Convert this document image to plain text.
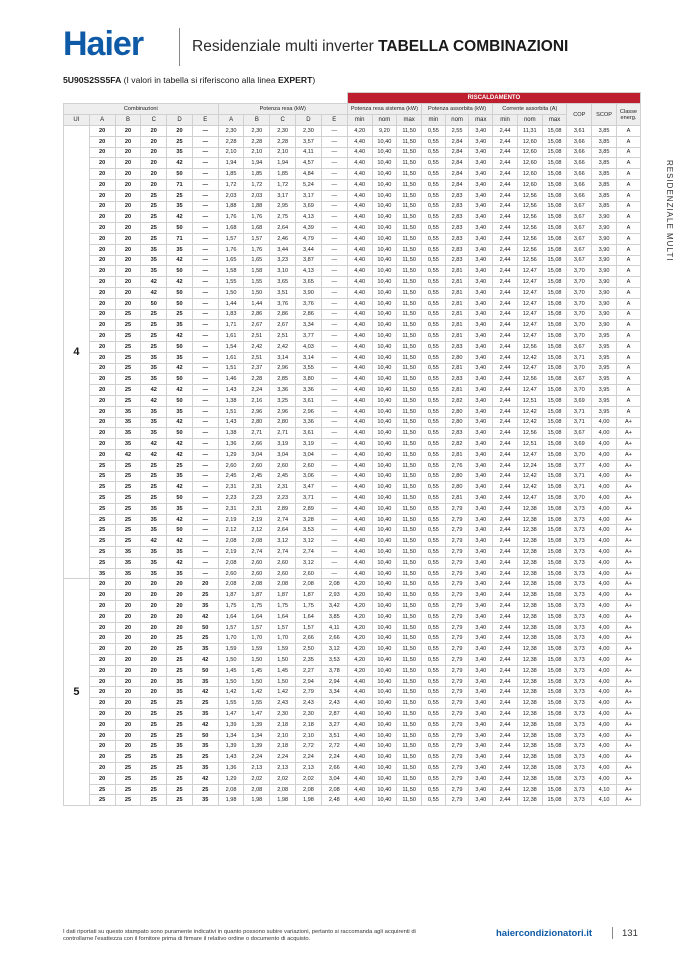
Haier	Residenziale multi inverter TABELLA COMBINAZIONI
5U90S2SS5FA (I valori in tabella si riferiscono alla linea EXPERT)
RESIDENZIALE MULTI
											RISCALDAMENTO											
Combinazioni						Potenza resa (kW)					Potenza resa sistema (kW)			Potenza assorbita (kW)			Corrente assorbita (A)			COP	SCOP	Classe energ.

UI	A	B	C	D	E	A	B	C	D	E	min	nom	max	min	nom	max	min	nom	max			
4	20	20	20	20	—	2,30	2,30	2,30	2,30	—	4,20	9,20	11,50	0,55	2,55	3,40	2,44	11,31	15,08	3,61	3,85	A
	20	20	20	25	—	2,28	2,28	2,28	3,57	—	4,40	10,40	11,50	0,55	2,84	3,40	2,44	12,60	15,08	3,66	3,85	A
	20	20	20	35	—	2,10	2,10	2,10	4,11	—	4,40	10,40	11,50	0,55	2,84	3,40	2,44	12,60	15,08	3,66	3,85	A
	20	20	20	42	—	1,94	1,94	1,94	4,57	—	4,40	10,40	11,50	0,55	2,84	3,40	2,44	12,60	15,08	3,66	3,85	A
	20	20	20	50	—	1,85	1,85	1,85	4,84	—	4,40	10,40	11,50	0,55	2,84	3,40	2,44	12,60	15,08	3,66	3,85	A
	20	20	20	71	—	1,72	1,72	1,72	5,24	—	4,40	10,40	11,50	0,55	2,84	3,40	2,44	12,60	15,08	3,66	3,85	A
	20	20	25	25	—	2,03	2,03	3,17	3,17	—	4,40	10,40	11,50	0,55	2,83	3,40	2,44	12,56	15,08	3,66	3,85	A
	20	20	25	35	—	1,88	1,88	2,95	3,69	—	4,40	10,40	11,50	0,55	2,83	3,40	2,44	12,56	15,08	3,67	3,85	A
	20	20	25	42	—	1,76	1,76	2,75	4,13	—	4,40	10,40	11,50	0,55	2,83	3,40	2,44	12,56	15,08	3,67	3,90	A
	20	20	25	50	—	1,68	1,68	2,64	4,39	—	4,40	10,40	11,50	0,55	2,83	3,40	2,44	12,56	15,08	3,67	3,90	A
	20	20	25	71	—	1,57	1,57	2,46	4,79	—	4,40	10,40	11,50	0,55	2,83	3,40	2,44	12,56	15,08	3,67	3,90	A
	20	20	35	35	—	1,76	1,76	3,44	3,44	—	4,40	10,40	11,50	0,55	2,83	3,40	2,44	12,56	15,08	3,67	3,90	A
	20	20	35	42	—	1,65	1,65	3,23	3,87	—	4,40	10,40	11,50	0,55	2,83	3,40	2,44	12,56	15,08	3,67	3,90	A
	20	20	35	50	—	1,58	1,58	3,10	4,13	—	4,40	10,40	11,50	0,55	2,81	3,40	2,44	12,47	15,08	3,70	3,90	A
	20	20	42	42	—	1,55	1,55	3,65	3,65	—	4,40	10,40	11,50	0,55	2,81	3,40	2,44	12,47	15,08	3,70	3,90	A
	20	20	42	50	—	1,50	1,50	3,51	3,90	—	4,40	10,40	11,50	0,55	2,81	3,40	2,44	12,47	15,08	3,70	3,90	A
	20	20	50	50	—	1,44	1,44	3,76	3,76	—	4,40	10,40	11,50	0,55	2,81	3,40	2,44	12,47	15,08	3,70	3,90	A
	20	25	25	25	—	1,83	2,86	2,86	2,86	—	4,40	10,40	11,50	0,55	2,81	3,40	2,44	12,47	15,08	3,70	3,90	A
	20	25	25	35	—	1,71	2,67	2,67	3,34	—	4,40	10,40	11,50	0,55	2,81	3,40	2,44	12,47	15,08	3,70	3,90	A
	20	25	25	42	—	1,61	2,51	2,51	3,77	—	4,40	10,40	11,50	0,55	2,81	3,40	2,44	12,47	15,08	3,70	3,95	A
	20	25	25	50	—	1,54	2,42	2,42	4,03	—	4,40	10,40	11,50	0,55	2,83	3,40	2,44	12,56	15,08	3,67	3,95	A
	20	25	35	35	—	1,61	2,51	3,14	3,14	—	4,40	10,40	11,50	0,55	2,80	3,40	2,44	12,42	15,08	3,71	3,95	A
	20	25	35	42	—	1,51	2,37	2,96	3,55	—	4,40	10,40	11,50	0,55	2,81	3,40	2,44	12,47	15,08	3,70	3,95	A
	20	25	35	50	—	1,46	2,28	2,85	3,80	—	4,40	10,40	11,50	0,55	2,83	3,40	2,44	12,56	15,08	3,67	3,95	A
	20	25	42	42	—	1,43	2,24	3,36	3,36	—	4,40	10,40	11,50	0,55	2,81	3,40	2,44	12,47	15,08	3,70	3,95	A
	20	25	42	50	—	1,38	2,16	3,25	3,61	—	4,40	10,40	11,50	0,55	2,82	3,40	2,44	12,51	15,08	3,69	3,95	A
	20	35	35	35	—	1,51	2,96	2,96	2,96	—	4,40	10,40	11,50	0,55	2,80	3,40	2,44	12,42	15,08	3,71	3,95	A
	20	35	35	42	—	1,43	2,80	2,80	3,36	—	4,40	10,40	11,50	0,55	2,80	3,40	2,44	12,42	15,08	3,71	4,00	A+
	20	35	35	50	—	1,38	2,71	2,71	3,61	—	4,40	10,40	11,50	0,55	2,83	3,40	2,44	12,56	15,08	3,67	4,00	A+
	20	35	42	42	—	1,36	2,66	3,19	3,19	—	4,40	10,40	11,50	0,55	2,82	3,40	2,44	12,51	15,08	3,69	4,00	A+
	20	42	42	42	—	1,29	3,04	3,04	3,04	—	4,40	10,40	11,50	0,55	2,81	3,40	2,44	12,47	15,08	3,70	4,00	A+
	25	25	25	25	—	2,60	2,60	2,60	2,60	—	4,40	10,40	11,50	0,55	2,76	3,40	2,44	12,24	15,08	3,77	4,00	A+
	25	25	25	35	—	2,45	2,45	2,45	3,06	—	4,40	10,40	11,50	0,55	2,80	3,40	2,44	12,42	15,08	3,71	4,00	A+
	25	25	25	42	—	2,31	2,31	2,31	3,47	—	4,40	10,40	11,50	0,55	2,80	3,40	2,44	12,42	15,08	3,71	4,00	A+
	25	25	25	50	—	2,23	2,23	2,23	3,71	—	4,40	10,40	11,50	0,55	2,81	3,40	2,44	12,47	15,08	3,70	4,00	A+
	25	25	35	35	—	2,31	2,31	2,89	2,89	—	4,40	10,40	11,50	0,55	2,79	3,40	2,44	12,38	15,08	3,73	4,00	A+
	25	25	35	42	—	2,19	2,19	2,74	3,28	—	4,40	10,40	11,50	0,55	2,79	3,40	2,44	12,38	15,08	3,73	4,00	A+
	25	25	35	50	—	2,12	2,12	2,64	3,53	—	4,40	10,40	11,50	0,55	2,79	3,40	2,44	12,38	15,08	3,73	4,00	A+
	25	25	42	42	—	2,08	2,08	3,12	3,12	—	4,40	10,40	11,50	0,55	2,79	3,40	2,44	12,38	15,08	3,73	4,00	A+
	25	35	35	35	—	2,19	2,74	2,74	2,74	—	4,40	10,40	11,50	0,55	2,79	3,40	2,44	12,38	15,08	3,73	4,00	A+
	25	35	35	42	—	2,08	2,60	2,60	3,12	—	4,40	10,40	11,50	0,55	2,79	3,40	2,44	12,38	15,08	3,73	4,00	A+
	35	35	35	35	—	2,60	2,60	2,60	2,60	—	4,40	10,40	11,50	0,55	2,79	3,40	2,44	12,38	15,08	3,73	4,00	A+
5	20	20	20	20	20	2,08	2,08	2,08	2,08	2,08	4,20	10,40	11,50	0,55	2,79	3,40	2,44	12,38	15,08	3,73	4,00	A+
	20	20	20	20	25	1,87	1,87	1,87	1,87	2,93	4,20	10,40	11,50	0,55	2,79	3,40	2,44	12,38	15,08	3,73	4,00	A+
	20	20	20	20	35	1,75	1,75	1,75	1,75	3,42	4,20	10,40	11,50	0,55	2,79	3,40	2,44	12,38	15,08	3,73	4,00	A+
	20	20	20	20	42	1,64	1,64	1,64	1,64	3,85	4,20	10,40	11,50	0,55	2,79	3,40	2,44	12,38	15,08	3,73	4,00	A+
	20	20	20	20	50	1,57	1,57	1,57	1,57	4,11	4,20	10,40	11,50	0,55	2,79	3,40	2,44	12,38	15,08	3,73	4,00	A+
	20	20	20	25	25	1,70	1,70	1,70	2,66	2,66	4,20	10,40	11,50	0,55	2,79	3,40	2,44	12,38	15,08	3,73	4,00	A+
	20	20	20	25	35	1,59	1,59	1,59	2,50	3,12	4,20	10,40	11,50	0,55	2,79	3,40	2,44	12,38	15,08	3,73	4,00	A+
	20	20	20	25	42	1,50	1,50	1,50	2,35	3,53	4,20	10,40	11,50	0,55	2,79	3,40	2,44	12,38	15,08	3,73	4,00	A+
	20	20	20	25	50	1,45	1,45	1,45	2,27	3,78	4,20	10,40	11,50	0,55	2,79	3,40	2,44	12,38	15,08	3,73	4,00	A+
	20	20	20	35	35	1,50	1,50	1,50	2,94	2,94	4,40	10,40	11,50	0,55	2,79	3,40	2,44	12,38	15,08	3,73	4,00	A+
	20	20	20	35	42	1,42	1,42	1,42	2,79	3,34	4,40	10,40	11,50	0,55	2,79	3,40	2,44	12,38	15,08	3,73	4,00	A+
	20	20	25	25	25	1,55	1,55	2,43	2,43	2,43	4,40	10,40	11,50	0,55	2,79	3,40	2,44	12,38	15,08	3,73	4,00	A+
	20	20	25	25	35	1,47	1,47	2,30	2,30	2,87	4,40	10,40	11,50	0,55	2,79	3,40	2,44	12,38	15,08	3,73	4,00	A+
	20	20	25	25	42	1,39	1,39	2,18	2,18	3,27	4,40	10,40	11,50	0,55	2,79	3,40	2,44	12,38	15,08	3,73	4,00	A+
	20	20	25	25	50	1,34	1,34	2,10	2,10	3,51	4,40	10,40	11,50	0,55	2,79	3,40	2,44	12,38	15,08	3,73	4,00	A+
	20	20	25	35	35	1,39	1,39	2,18	2,72	2,72	4,40	10,40	11,50	0,55	2,79	3,40	2,44	12,38	15,08	3,73	4,00	A+
	20	25	25	25	25	1,43	2,24	2,24	2,24	2,24	4,40	10,40	11,50	0,55	2,79	3,40	2,44	12,38	15,08	3,73	4,00	A+
	20	25	25	25	35	1,36	2,13	2,13	2,13	2,66	4,40	10,40	11,50	0,55	2,79	3,40	2,44	12,38	15,08	3,73	4,00	A+
	20	25	25	25	42	1,29	2,02	2,02	2,02	3,04	4,40	10,40	11,50	0,55	2,79	3,40	2,44	12,38	15,08	3,73	4,00	A+
	25	25	25	25	25	2,08	2,08	2,08	2,08	2,08	4,40	10,40	11,50	0,55	2,79	3,40	2,44	12,38	15,08	3,73	4,10	A+
	25	25	25	25	35	1,98	1,98	1,98	1,98	2,48	4,40	10,40	11,50	0,55	2,79	3,40	2,44	12,38	15,08	3,73	4,10	A+
I dati riportati su questo stampato sono puramente indicativi in quanto possono subire variazioni, pertanto si raccomanda agli acquirenti di controllarne l'esattezza con il fornitore prima di firmare il relativo ordine o documento di acquisto.	haiercondizionatori.it	131
